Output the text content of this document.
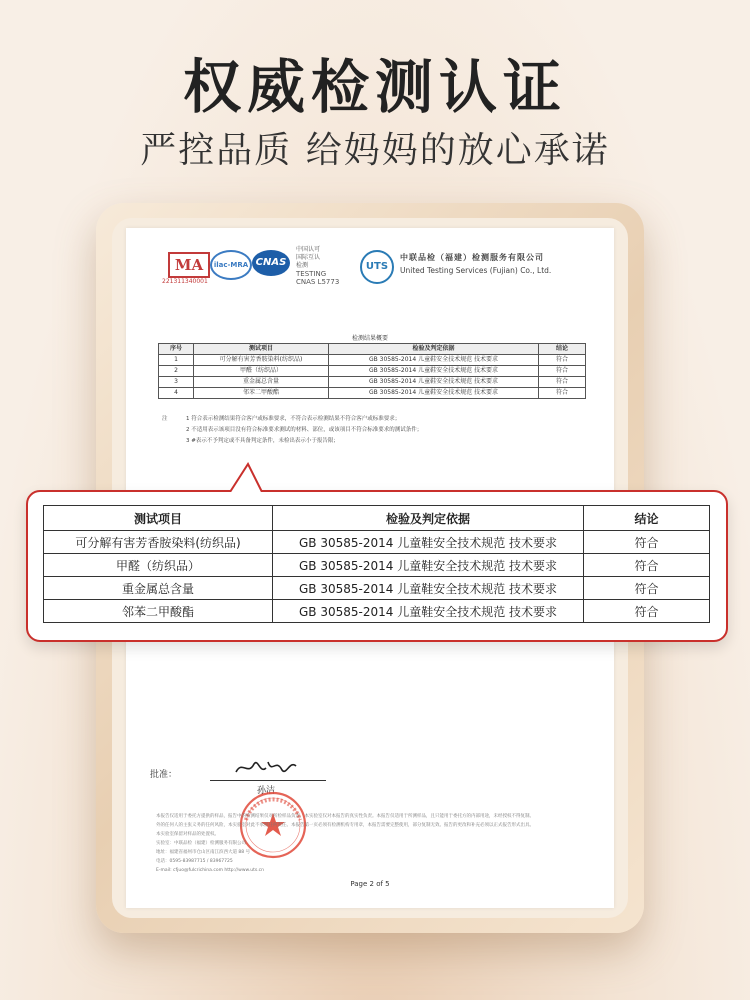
权威检测认证
严控品质 给妈妈的放心承诺
MA
221311340001
ilac-MRA CNAS
中国认可
国际互认
检测
TESTING
CNAS L5773
UTS
中联品检（福建）检测服务有限公司
United Testing Services (Fujian) Co., Ltd.
检测结果概要
序号	测试项目	检验及判定依据	结论
1	可分解有害芳香胺染料(纺织品)	GB 30585-2014 儿童鞋安全技术规范 技术要求	符合
2	甲醛（纺织品）	GB 30585-2014 儿童鞋安全技术规范 技术要求	符合
3	重金属总含量	GB 30585-2014 儿童鞋安全技术规范 技术要求	符合
4	邻苯二甲酸酯	GB 30585-2014 儿童鞋安全技术规范 技术要求	符合
注	1 符合表示检测结果符合客户或标准要求，不符合表示检测结果不符合客户或标准要求；
2 不适用表示该项目没有符合标准要求测试的材料、部位，或该项目不符合标准要求的测试条件；
3 #表示不予判定或不具备判定条件，未检出表示小于报告限；
测试项目	检验及判定依据	结论
可分解有害芳香胺染料(纺织品)	GB 30585-2014 儿童鞋安全技术规范 技术要求	符合
甲醛（纺织品）	GB 30585-2014 儿童鞋安全技术规范 技术要求	符合
重金属总含量	GB 30585-2014 儿童鞋安全技术规范 技术要求	符合
邻苯二甲酸酯	GB 30585-2014 儿童鞋安全技术规范 技术要求	符合
批准：
孙洁
本报告仅适用于委托方提供的样品，报告中的检测结果仅对所检样品负责，本实验室仅对本报告的真实性负责。本报告仅适用于所测样品，且只能用于委托方的内部用途，未经授权不得复制。
外的任何人的主张义务的任何风险，本实验室对此不承担任何责任。本报告第一页必须有检测机构专用章，本报告需要完整使用，部分复制无效。报告的更改和补充必须以正式报告形式出具。
本实验室保留对样品的处置权。
实验室：中联品检（福建）检测服务有限公司
地址：福建省福州市仓山区南江滨西大道 88 号
电话：0595-83987715 / 83967725
E-mail: cfjuo@fulcrichina.com http://www.uts.cn
Page 2 of 5
